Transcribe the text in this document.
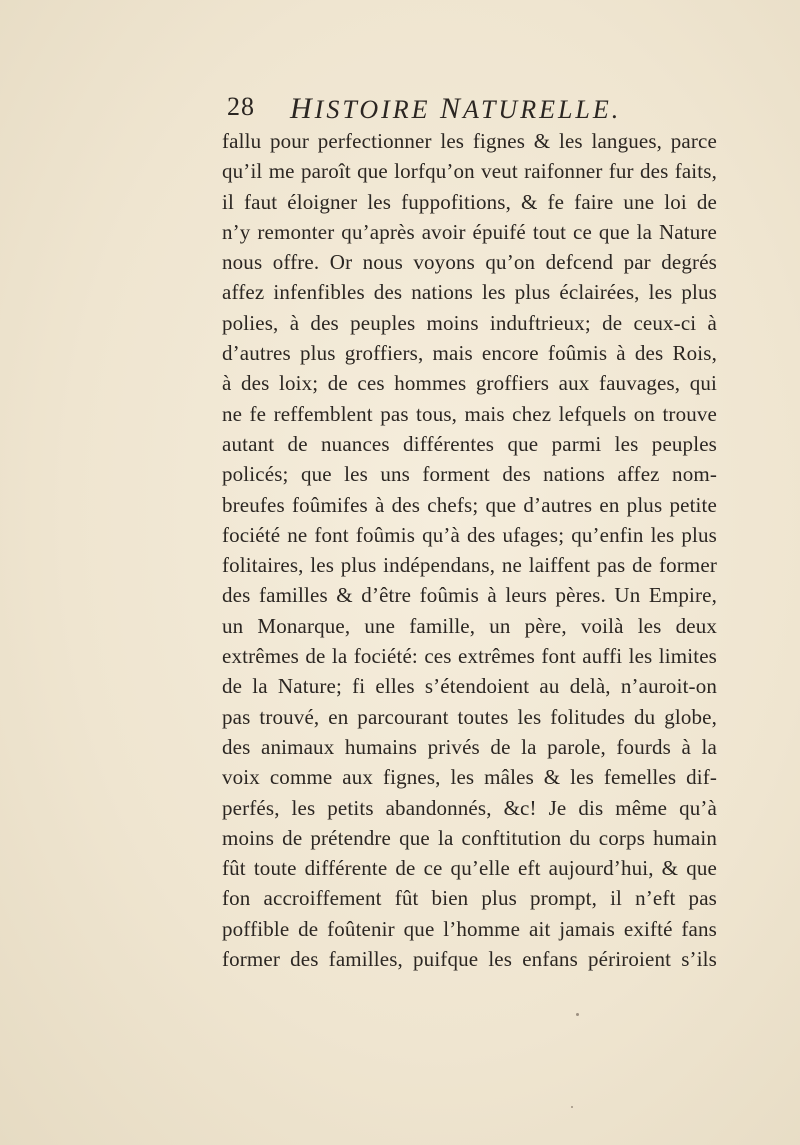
28 HISTOIRE NATURELLE.
fallu pour perfectionner les fignes & les langues, parce
qu’il me paroît que lorfqu’on veut raifonner fur des faits,
il faut éloigner les fuppofitions, & fe faire une loi de
n’y remonter qu’après avoir épuifé tout ce que la Nature
nous offre. Or nous voyons qu’on defcend par degrés
affez infenfibles des nations les plus éclairées, les plus
polies, à des peuples moins induftrieux; de ceux-ci à
d’autres plus groffiers, mais encore foûmis à des Rois,
à des loix; de ces hommes groffiers aux fauvages, qui
ne fe reffemblent pas tous, mais chez lefquels on trouve
autant de nuances différentes que parmi les peuples
policés; que les uns forment des nations affez nom-
breufes foûmifes à des chefs; que d’autres en plus petite
fociété ne font foûmis qu’à des ufages; qu’enfin les plus
folitaires, les plus indépendans, ne laiffent pas de former
des familles & d’être foûmis à leurs pères. Un Empire,
un Monarque, une famille, un père, voilà les deux
extrêmes de la fociété: ces extrêmes font auffi les limites
de la Nature; fi elles s’étendoient au delà, n’auroit-on
pas trouvé, en parcourant toutes les folitudes du globe,
des animaux humains privés de la parole, fourds à la
voix comme aux fignes, les mâles & les femelles dif-
perfés, les petits abandonnés, &c! Je dis même qu’à
moins de prétendre que la conftitution du corps humain
fût toute différente de ce qu’elle eft aujourd’hui, & que
fon accroiffement fût bien plus prompt, il n’eft pas
poffible de foûtenir que l’homme ait jamais exifté fans
former des familles, puifque les enfans périroient s’ils
